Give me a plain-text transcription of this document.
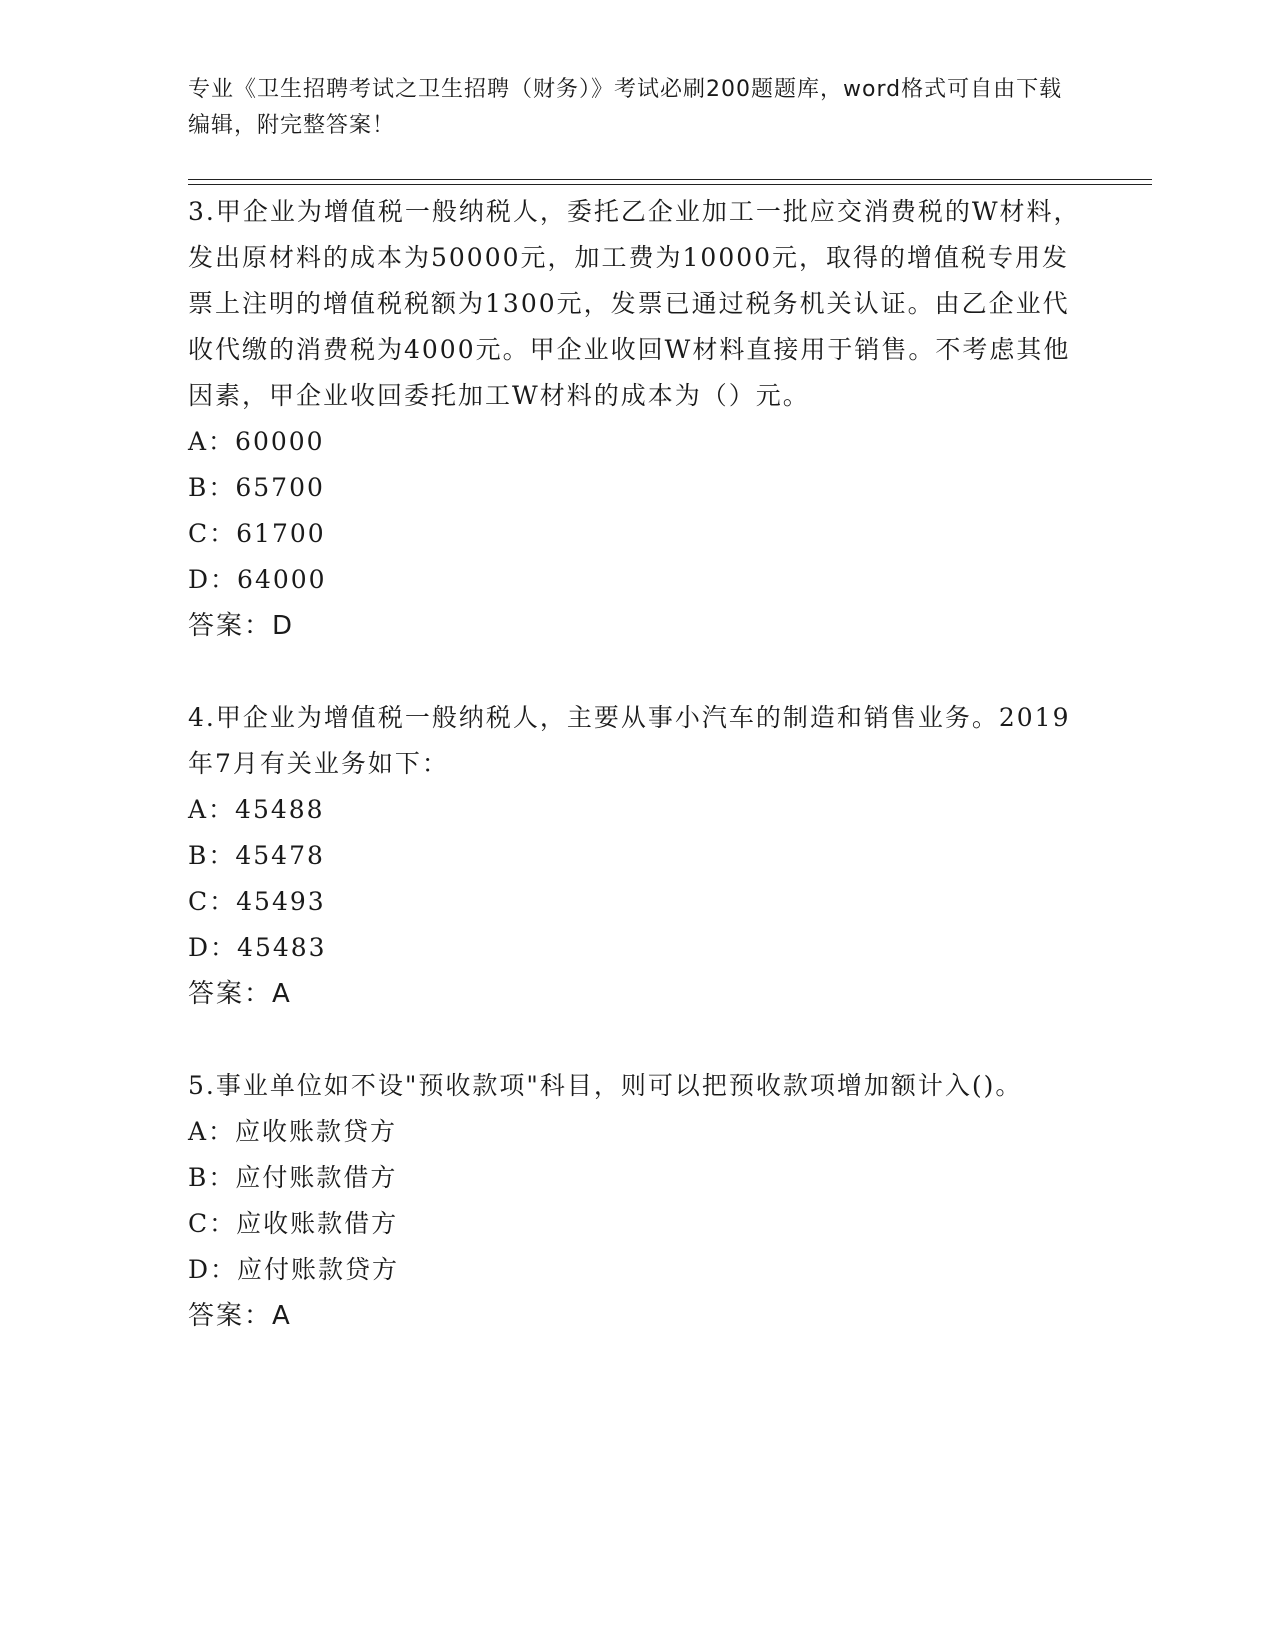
专业《卫生招聘考试之卫生招聘（财务）》考试必刷200题题库，word格式可自由下载编辑，附完整答案！
3.甲企业为增值税一般纳税人，委托乙企业加工一批应交消费税的W材料，发出原材料的成本为50000元，加工费为10000元，取得的增值税专用发票上注明的增值税税额为1300元，发票已通过税务机关认证。由乙企业代收代缴的消费税为4000元。甲企业收回W材料直接用于销售。不考虑其他因素，甲企业收回委托加工W材料的成本为（）元。
A：60000
B：65700
C：61700
D：64000
答案：D
4.甲企业为增值税一般纳税人，主要从事小汽车的制造和销售业务。2019年7月有关业务如下：
A：45488
B：45478
C：45493
D：45483
答案：A
5.事业单位如不设"预收款项"科目，则可以把预收款项增加额计入()。
A：应收账款贷方
B：应付账款借方
C：应收账款借方
D：应付账款贷方
答案：A
